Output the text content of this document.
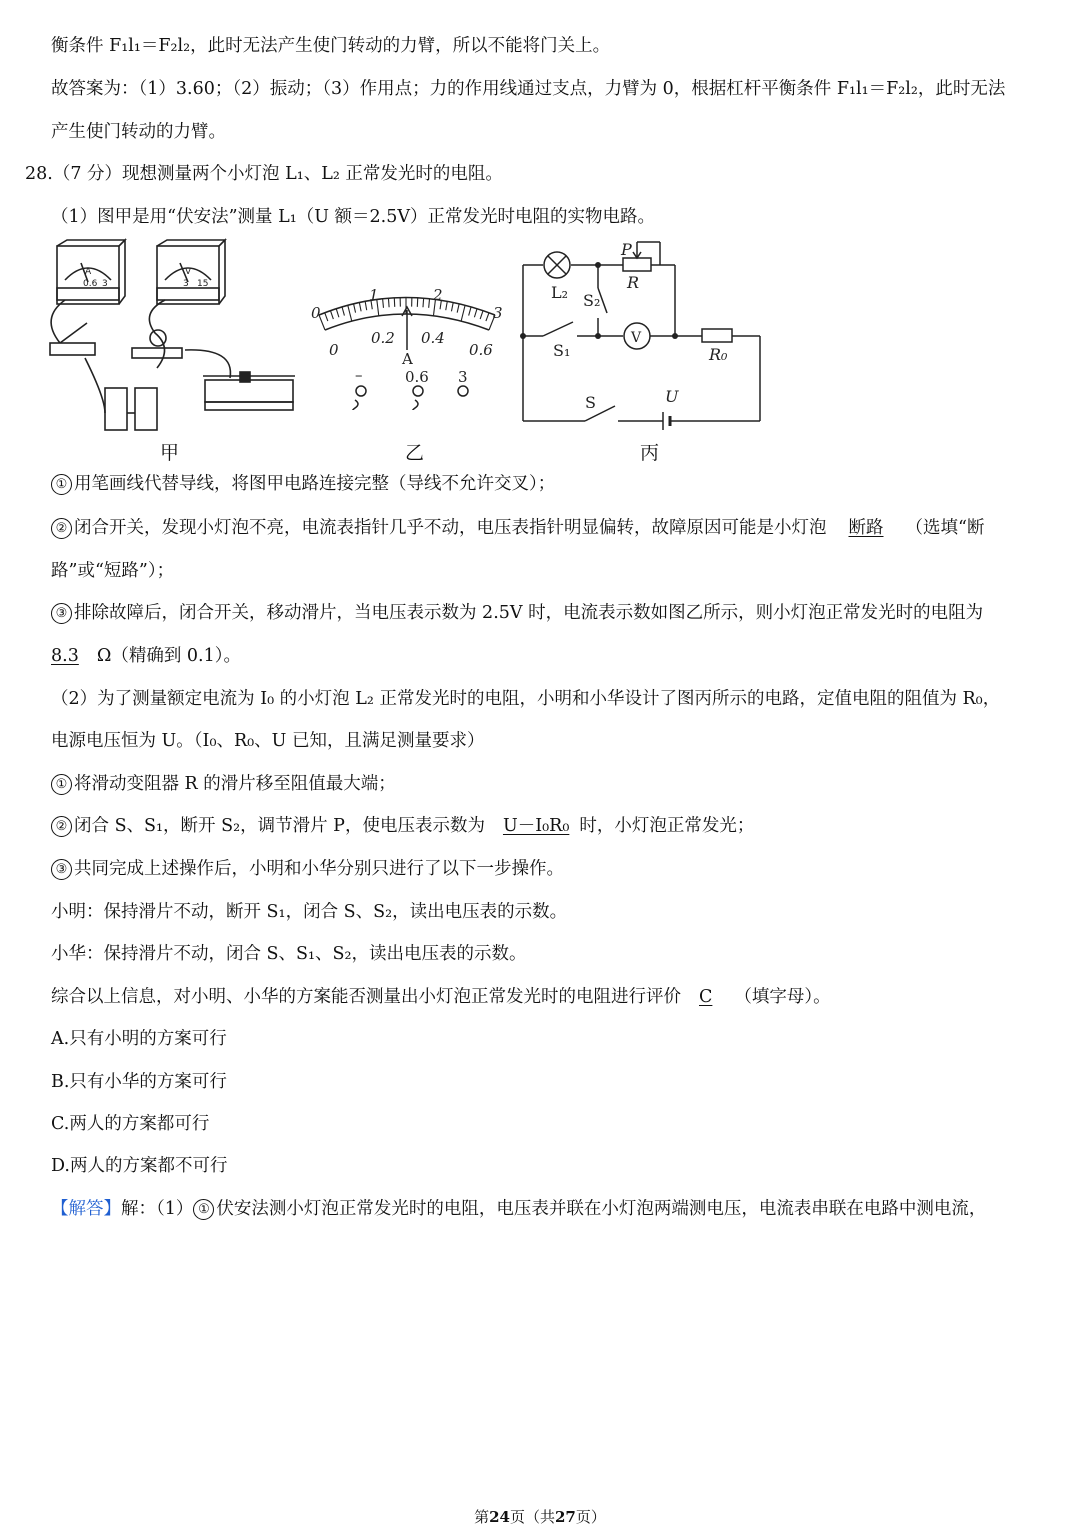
衡条件 F₁l₁＝F₂l₂，此时无法产生使门转动的力臂，所以不能将门关上。
故答案为：（1）3.60；（2）振动；（3）作用点；力的作用线通过支点，力臂为 0，根据杠杆平衡条件 F₁l₁＝F₂l₂，此时无法
产生使门转动的力臂。
28.（7 分）现想测量两个小灯泡 L₁、L₂ 正常发光时的电阻。
（1）图甲是用“伏安法”测量 L₁（U 额＝2.5V）正常发光时电阻的实物电路。
A
0.6 3
V
3 15
甲
0
1	2
3
0
0.2 0.4
0.6
A
–	0.6 3
乙
L₂ S₂
P
R
V
S₁	R₀
S	U
丙
① 用笔画线代替导线，将图甲电路连接完整（导线不允许交叉）；
② 闭合开关，发现小灯泡不亮，电流表指针几乎不动，电压表指针明显偏转，故障原因可能是小灯泡 断路 （选填“断
路”或“短路”）；
③ 排除故障后，闭合开关，移动滑片，当电压表示数为 2.5V 时，电流表示数如图乙所示，则小灯泡正常发光时的电阻为
8.3 Ω（精确到 0.1）。
（2）为了测量额定电流为 I₀ 的小灯泡 L₂ 正常发光时的电阻，小明和小华设计了图丙所示的电路，定值电阻的阻值为 R₀，
电源电压恒为 U。（I₀、R₀、U 已知，且满足测量要求）
① 将滑动变阻器 R 的滑片移至阻值最大端；
② 闭合 S、S₁，断开 S₂，调节滑片 P，使电压表示数为 U－I₀R₀ 时，小灯泡正常发光；
③ 共同完成上述操作后，小明和小华分别只进行了以下一步操作。
小明：保持滑片不动，断开 S₁，闭合 S、S₂，读出电压表的示数。
小华：保持滑片不动，闭合 S、S₁、S₂，读出电压表的示数。
综合以上信息，对小明、小华的方案能否测量出小灯泡正常发光时的电阻进行评价 C （填字母）。
A.只有小明的方案可行
B.只有小华的方案可行
C.两人的方案都可行
D.两人的方案都不可行
【解答】解：（1） ① 伏安法测小灯泡正常发光时的电阻，电压表并联在小灯泡两端测电压，电流表串联在电路中测电流，
第24页（共27页）
